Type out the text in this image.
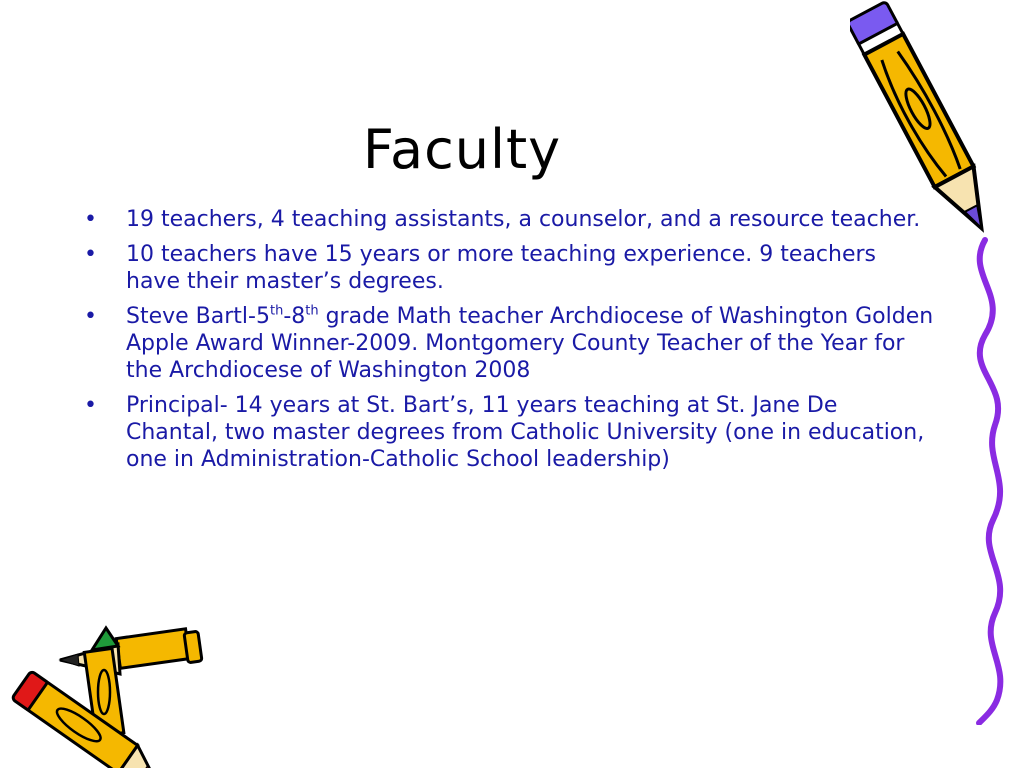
Faculty
• 19 teachers, 4 teaching assistants, a counselor, and a resource teacher.
• 10 teachers have 15 years or more teaching experience. 9 teachers have their master’s degrees.
• Steve Bartl-5th-8th grade Math teacher Archdiocese of Washington Golden Apple Award Winner-2009. Montgomery County Teacher of the Year for the Archdiocese of Washington 2008
• Principal- 14 years at St. Bart’s, 11 years teaching at St. Jane De Chantal, two master degrees from Catholic University (one in education, one in Administration-Catholic School leadership)
